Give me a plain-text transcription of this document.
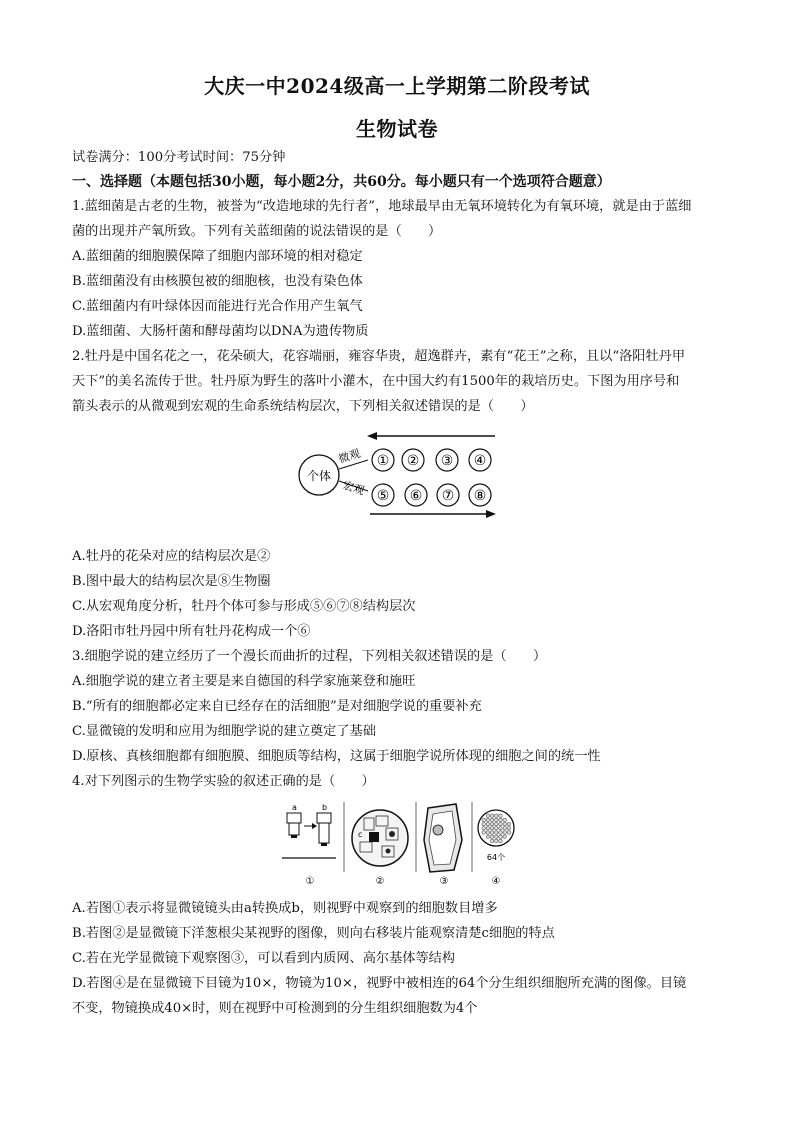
大庆一中2024级高一上学期第二阶段考试
生物试卷
试卷满分：100分考试时间：75分钟
一、选择题（本题包括30小题，每小题2分，共60分。每小题只有一个选项符合题意）
1.蓝细菌是古老的生物，被誉为“改造地球的先行者”，地球最早由无氧环境转化为有氧环境，就是由于蓝细
菌的出现并产氧所致。下列有关蓝细菌的说法错误的是（　　）
A.蓝细菌的细胞膜保障了细胞内部环境的相对稳定
B.蓝细菌没有由核膜包被的细胞核，也没有染色体
C.蓝细菌内有叶绿体因而能进行光合作用产生氧气
D.蓝细菌、大肠杆菌和酵母菌均以DNA为遗传物质
2.牡丹是中国名花之一，花朵硕大，花容端丽，雍容华贵，超逸群卉，素有“花王”之称，且以“洛阳牡丹甲
天下”的美名流传于世。牡丹原为野生的落叶小灌木，在中国大约有1500年的栽培历史。下图为用序号和
箭头表示的从微观到宏观的生命系统结构层次，下列相关叙述错误的是（　　）
个体
微观
宏观
① ② ③ ④
⑤ ⑥ ⑦ ⑧
A.牡丹的花朵对应的结构层次是②
B.图中最大的结构层次是⑧生物圈
C.从宏观角度分析，牡丹个体可参与形成⑤⑥⑦⑧结构层次
D.洛阳市牡丹园中所有牡丹花构成一个⑥
3.细胞学说的建立经历了一个漫长而曲折的过程，下列相关叙述错误的是（　　）
A.细胞学说的建立者主要是来自德国的科学家施莱登和施旺
B.“所有的细胞都必定来自已经存在的活细胞”是对细胞学说的重要补充
C.显微镜的发明和应用为细胞学说的建立奠定了基础
D.原核、真核细胞都有细胞膜、细胞质等结构，这属于细胞学说所体现的细胞之间的统一性
4.对下列图示的生物学实验的叙述正确的是（　　）
a	b
①
c
②	③
64个
④
A.若图①表示将显微镜镜头由a转换成b，则视野中观察到的细胞数目增多
B.若图②是显微镜下洋葱根尖某视野的图像，则向右移装片能观察清楚c细胞的特点
C.若在光学显微镜下观察图③，可以看到内质网、高尔基体等结构
D.若图④是在显微镜下目镜为10×，物镜为10×，视野中被相连的64个分生组织细胞所充满的图像。目镜
不变，物镜换成40×时，则在视野中可检测到的分生组织细胞数为4个
